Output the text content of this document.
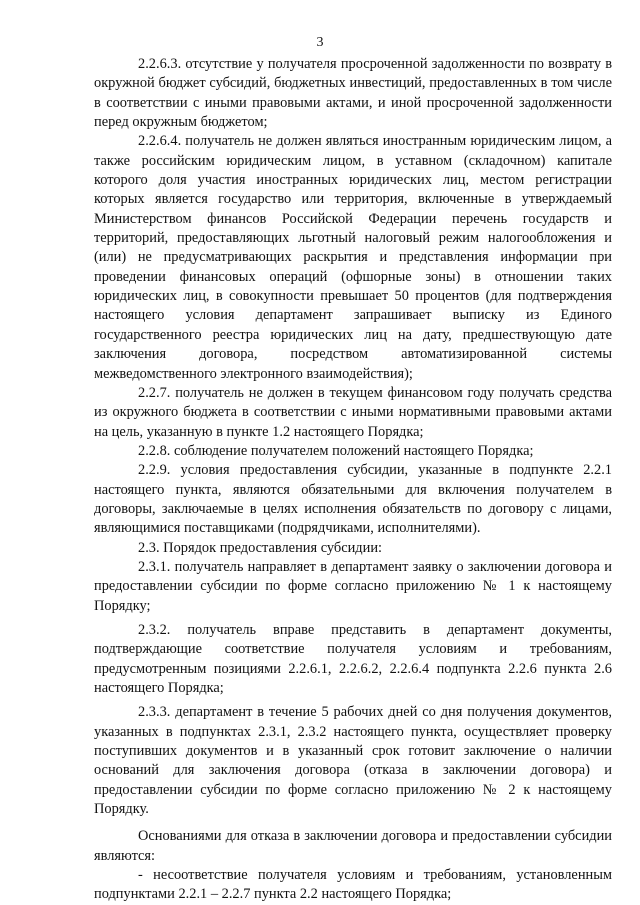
3

2.2.6.3. отсутствие у получателя просроченной задолженности по возврату в окружной бюджет субсидий, бюджетных инвестиций, предоставленных в том числе в соответствии с иными правовыми актами, и иной просроченной задолженности перед окружным бюджетом;

2.2.6.4. получатель не должен являться иностранным юридическим лицом, а также российским юридическим лицом, в уставном (складочном) капитале которого доля участия иностранных юридических лиц, местом регистрации которых является государство или территория, включенные в утверждаемый Министерством финансов Российской Федерации перечень государств и территорий, предоставляющих льготный налоговый режим налогообложения и (или) не предусматривающих раскрытия и представления информации при проведении финансовых операций (офшорные зоны) в отношении таких юридических лиц, в совокупности превышает 50 процентов (для подтверждения настоящего условия департамент запрашивает выписку из Единого государственного реестра юридических лиц на дату, предшествующую дате заключения договора, посредством автоматизированной системы межведомственного электронного взаимодействия);

2.2.7. получатель не должен в текущем финансовом году получать средства из окружного бюджета в соответствии с иными нормативными правовыми актами на цель, указанную в пункте 1.2 настоящего Порядка;

2.2.8. соблюдение получателем положений настоящего Порядка;

2.2.9. условия предоставления субсидии, указанные в подпункте 2.2.1 настоящего пункта, являются обязательными для включения получателем в договоры, заключаемые в целях исполнения обязательств по договору с лицами, являющимися поставщиками (подрядчиками, исполнителями).

2.3. Порядок предоставления субсидии:

2.3.1. получатель направляет в департамент заявку о заключении договора и предоставлении субсидии по форме согласно приложению № 1 к настоящему Порядку;

2.3.2. получатель вправе представить в департамент документы, подтверждающие соответствие получателя условиям и требованиям, предусмотренным позициями 2.2.6.1, 2.2.6.2, 2.2.6.4 подпункта 2.2.6 пункта 2.6 настоящего Порядка;

2.3.3. департамент в течение 5 рабочих дней со дня получения документов, указанных в подпунктах 2.3.1, 2.3.2 настоящего пункта, осуществляет проверку поступивших документов и в указанный срок готовит заключение о наличии оснований для заключения договора (отказа в заключении договора) и предоставлении субсидии по форме согласно приложению № 2 к настоящему Порядку.

Основаниями для отказа в заключении договора и предоставлении субсидии являются:

- несоответствие получателя условиям и требованиям, установленным подпунктами 2.2.1 – 2.2.7 пункта 2.2 настоящего Порядка;
